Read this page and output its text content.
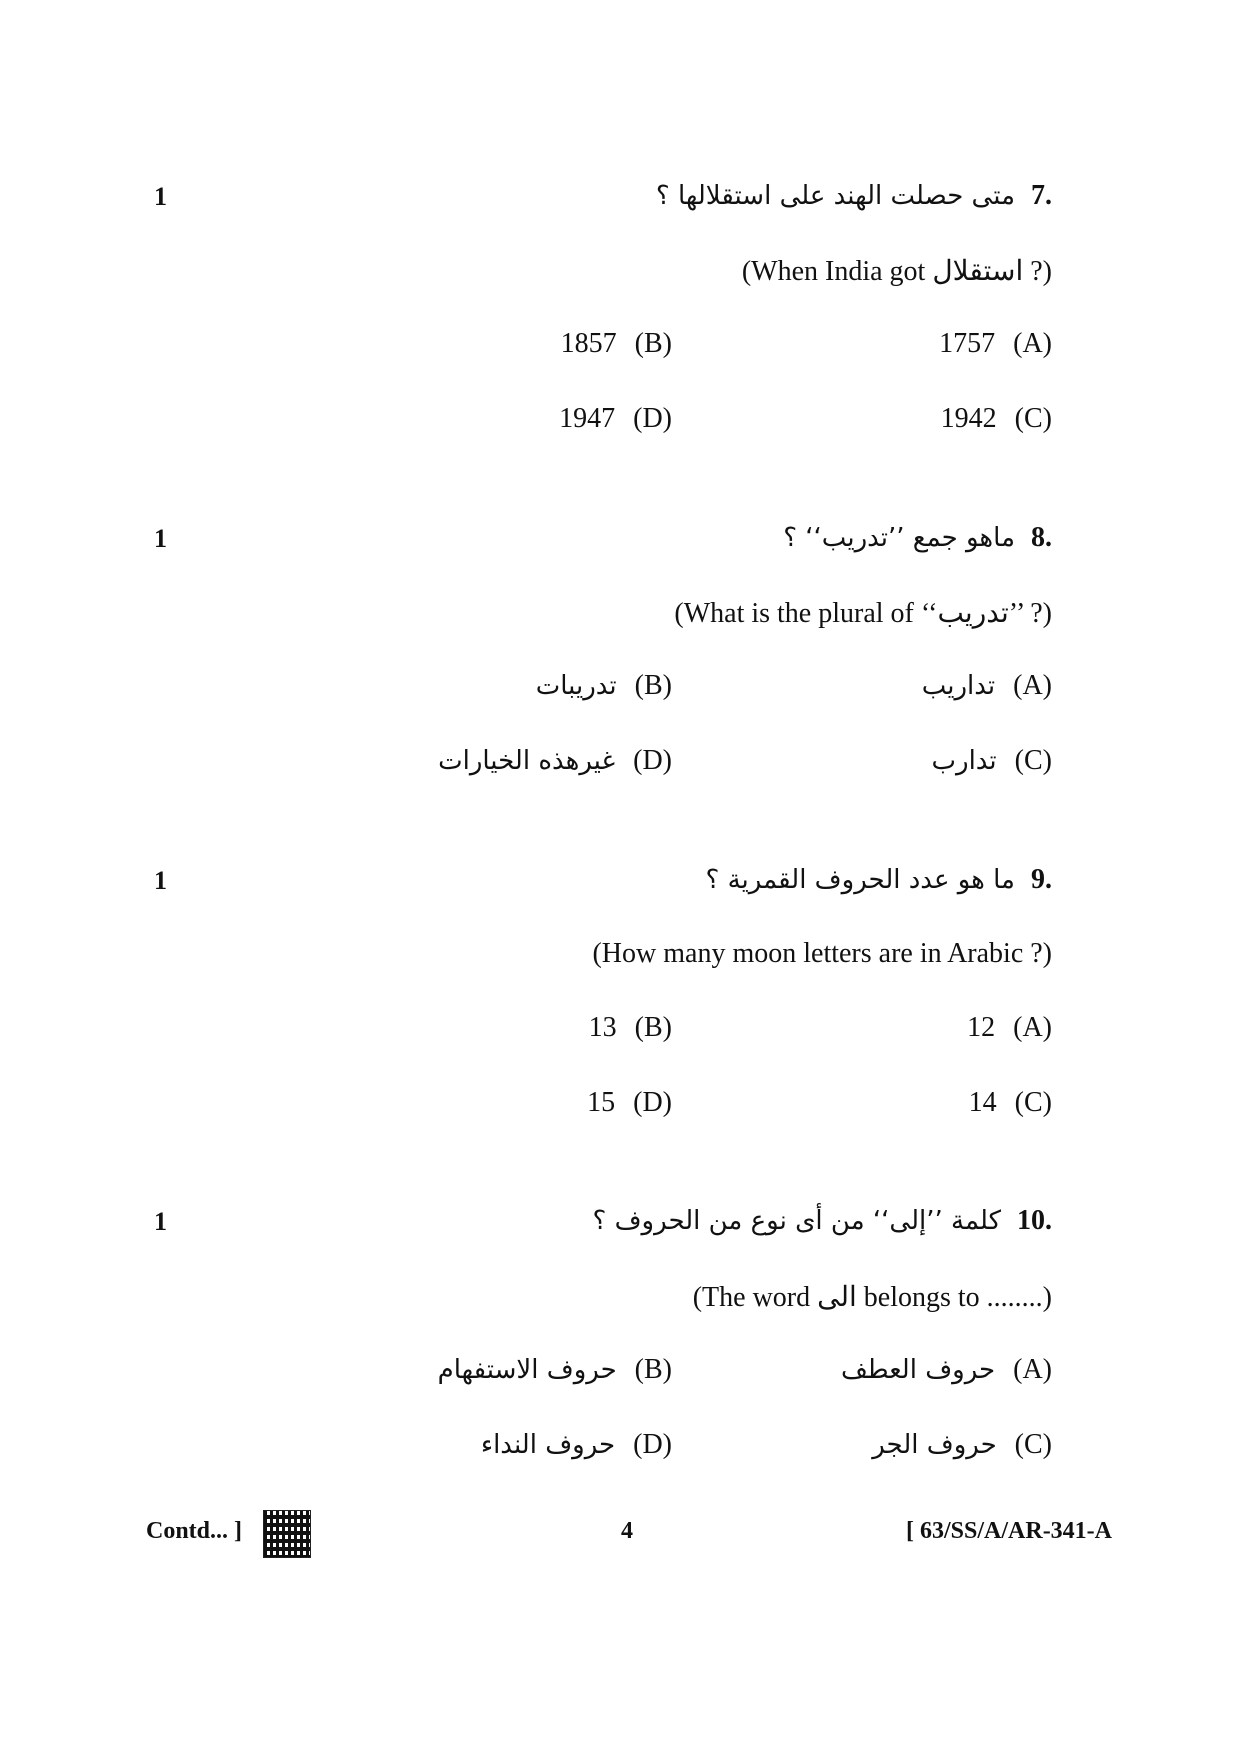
1	7.
متى حصلت الهند على استقلالها ؟
(When India got استقلال ?)
(A)
1757
(B)
1857
(C)
1942
(D)
1947
1	8.
ماهو جمع ’’تدريب‘‘ ؟
(What is the plural of ‘‘تدريب’’ ?)
(A)
تداريب
(B)
تدريبات
(C)
تدارب
(D)
غيرهذه الخيارات
1	9.
ما هو عدد الحروف القمرية ؟
(How many moon letters are in Arabic ?)
(A)
12
(B)
13
(C)
14
(D)
15
1	10.
كلمة ’’إلى‘‘ من أى نوع من الحروف ؟
(The word الى belongs to ........)
(A)
حروف العطف
(B)
حروف الاستفهام
(C)
حروف الجر
(D)
حروف النداء
Contd... ]	4	[ 63/SS/A/AR-341-A
